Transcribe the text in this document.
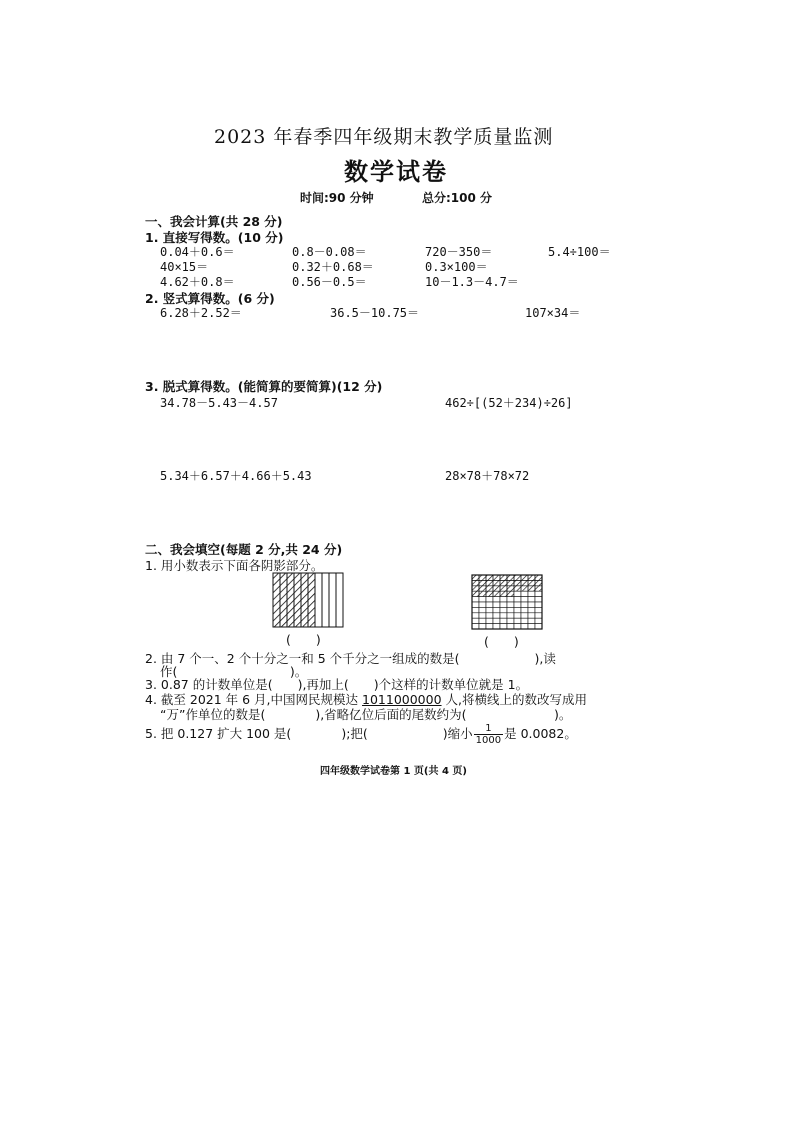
2023 年春季四年级期末教学质量监测
数学试卷
时间:90 分钟	总分:100 分
一、我会计算(共 28 分)
1. 直接写得数。(10 分)
0.04＋0.6＝	0.8－0.08＝	720－350＝	5.4÷100＝
40×15＝	0.32＋0.68＝	0.3×100＝
4.62＋0.8＝	0.56－0.5＝	10－1.3－4.7＝
2. 竖式算得数。(6 分)
6.28＋2.52＝	36.5－10.75＝	107×34＝
3. 脱式算得数。(能简算的要简算)(12 分)
34.78－5.43－4.57	462÷[(52＋234)÷26]
5.34＋6.57＋4.66＋5.43	28×78＋78×72
二、我会填空(每题 2 分,共 24 分)
1. 用小数表示下面各阴影部分。
(　　)	(　　)
2. 由 7 个一、2 个十分之一和 5 个千分之一组成的数是(　　　　　　),读
作(　　　　　　　　　)。
3. 0.87 的计数单位是(　　),再加上(　　)个这样的计数单位就是 1。
4. 截至 2021 年 6 月,中国网民规模达 1011000000 人,将横线上的数改写成用
“万”作单位的数是(　　　　),省略亿位后面的尾数约为(　　　　　　　)。
5. 把 0.127 扩大 100 是(　　　　);把(　　　　　　)缩小 $\frac{1}{1000}$ 是 0.0082。
四年级数学试卷第 1 页(共 4 页)
